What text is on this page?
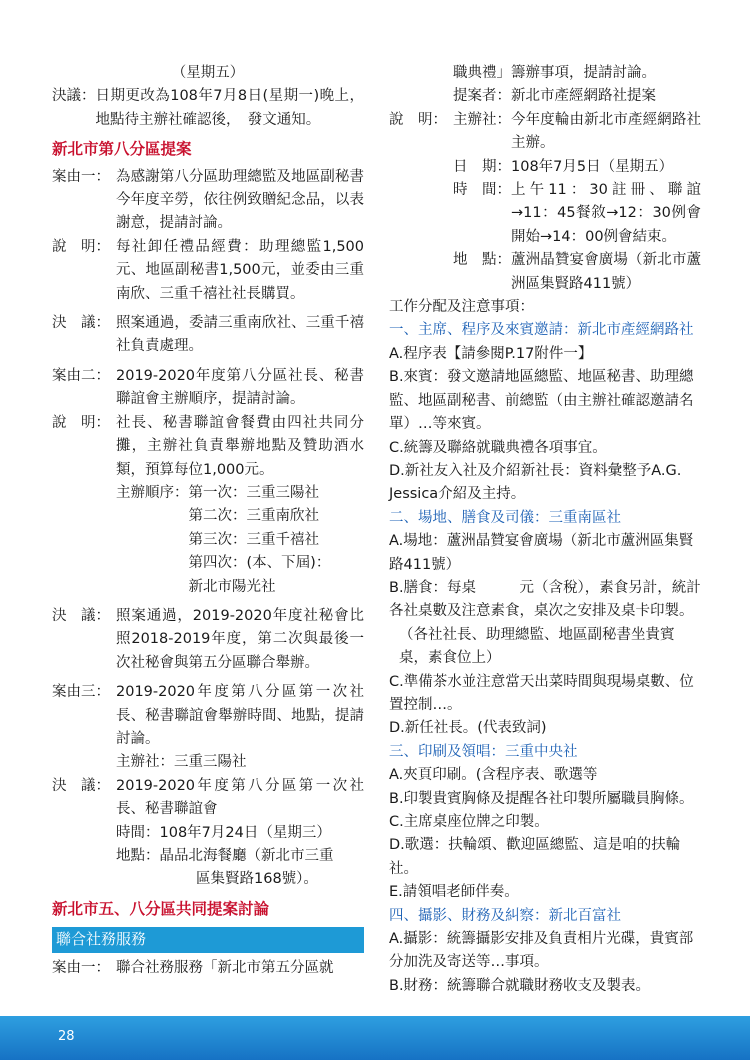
（星期五）
決議： 日期更改為108年7月8日(星期一)晚上，地點待主辦社確認後，　發文通知。
新北市第八分區提案
案由一： 為感謝第八分區助理總監及地區副秘書今年度辛勞，依往例致贈紀念品，以表謝意，提請討論。
說　明： 每社卸任禮品經費：助理總監1,500元、地區副秘書1,500元，並委由三重南欣、三重千禧社社長購買。
決　議： 照案通過，委請三重南欣社、三重千禧社負責處理。
案由二： 2019-2020年度第八分區社長、秘書聯誼會主辦順序，提請討論。
說　明： 社長、秘書聯誼會餐費由四社共同分攤，主辦社負責舉辦地點及贊助酒水類，預算每位1,000元。
主辦順序： 第一次：三重三陽社
第二次：三重南欣社
第三次：三重千禧社
第四次：(本、下屆)：
新北市陽光社
決　議： 照案通過，2019-2020年度社秘會比照2018-2019年度，第二次與最後一次社秘會與第五分區聯合舉辦。
案由三： 2019-2020年度第八分區第一次社長、秘書聯誼會舉辦時間、地點，提請討論。
主辦社：三重三陽社
決　議： 2019-2020年度第八分區第一次社長、秘書聯誼會
時間：108年7月24日（星期三）
地點：晶品北海餐廳（新北市三重
區集賢路168號）。
新北市五、八分區共同提案討論
聯合社務服務
案由一： 聯合社務服務「新北市第五分區就
職典禮」籌辦事項，提請討論。
提案者：新北市產經網路社提案
說　明： 主辦社： 今年度輪由新北市產經網路社主辦。
日　期： 108年7月5日（星期五）
時　間： 上午11：30註冊、聯誼→11：45餐敘→12：30例會開始→14：00例會結束。
地　點： 蘆洲晶贊宴會廣場（新北市蘆洲區集賢路411號）
工作分配及注意事項：
一、主席、程序及來賓邀請：新北市產經網路社
A.程序表【請參閱P.17附件一】
B.來賓：發文邀請地區總監、地區秘書、助理總監、地區副秘書、前總監（由主辦社確認邀請名單）…等來賓。
C.統籌及聯絡就職典禮各項事宜。
D.新社友入社及介紹新社長：資料彙整予A.G. Jessica介紹及主持。
二、場地、膳食及司儀：三重南區社
A.場地：蘆洲晶贊宴會廣場（新北市蘆洲區集賢路411號）
B.膳食：每桌　　　元（含稅），素食另計，統計各社桌數及注意素食，桌次之安排及桌卡印製。
（各社社長、助理總監、地區副秘書坐貴賓桌，素食位上）
C.準備茶水並注意當天出菜時間與現場桌數、位置控制…。
D.新任社長。(代表致詞)
三、印刷及領唱：三重中央社
A.夾頁印刷。(含程序表、歌選等
B.印製貴賓胸條及提醒各社印製所屬職員胸條。
C.主席桌座位牌之印製。
D.歌選：扶輪頌、歡迎區總監、這是咱的扶輪社。
E.請領唱老師伴奏。
四、攝影、財務及糾察：新北百富社
A.攝影：統籌攝影安排及負責相片光碟，貴賓部分加洗及寄送等…事項。
B.財務：統籌聯合就職財務收支及製表。
28
